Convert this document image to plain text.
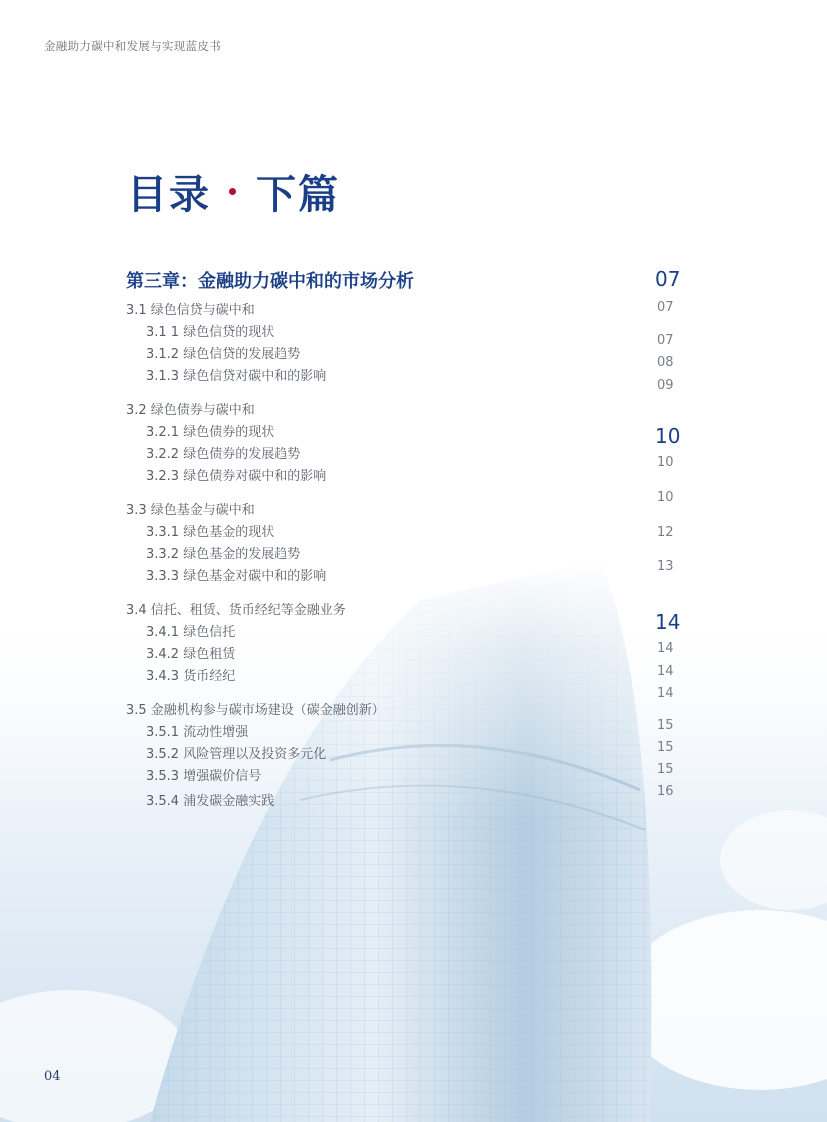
金融助力碳中和发展与实现蓝皮书
目录 下篇
第三章：金融助力碳中和的市场分析	07
3.1 绿色信贷与碳中和
3.1 1 绿色信贷的现状
3.1.2 绿色信贷的发展趋势
3.1.3 绿色信贷对碳中和的影响
3.2 绿色债券与碳中和
3.2.1 绿色债券的现状
3.2.2 绿色债券的发展趋势
3.2.3 绿色债券对碳中和的影响
3.3 绿色基金与碳中和
3.3.1 绿色基金的现状
3.3.2 绿色基金的发展趋势
3.3.3 绿色基金对碳中和的影响
3.4 信托、租赁、货币经纪等金融业务
3.4.1 绿色信托
3.4.2 绿色租赁
3.4.3 货币经纪
3.5 金融机构参与碳市场建设（碳金融创新）
3.5.1 流动性增强
3.5.2 风险管理以及投资多元化
3.5.3 增强碳价信号
3.5.4 浦发碳金融实践
07
07
08
09
10
10
10
12
13
14
14
14
14
15
15
15
16
04
